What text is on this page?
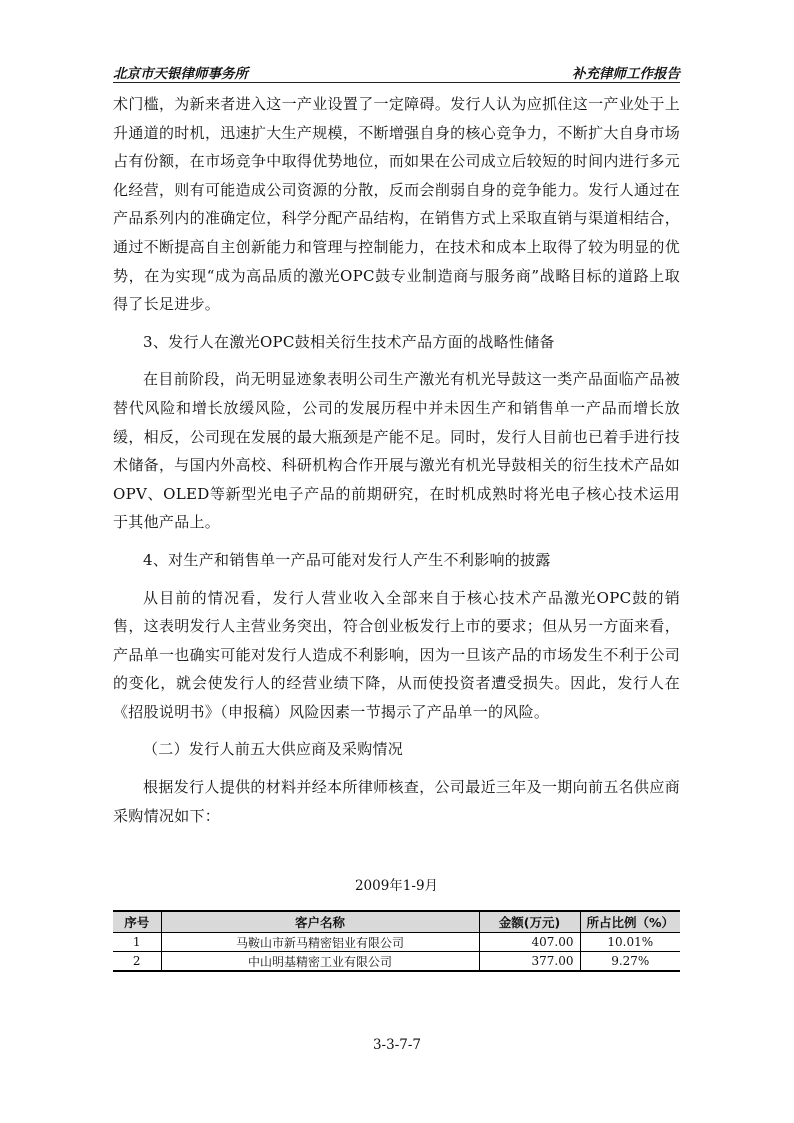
北京市天银律师事务所	补充律师工作报告

术门槛，为新来者进入这一产业设置了一定障碍。发行人认为应抓住这一产业处于上升通道的时机，迅速扩大生产规模，不断增强自身的核心竞争力，不断扩大自身市场占有份额，在市场竞争中取得优势地位，而如果在公司成立后较短的时间内进行多元化经营，则有可能造成公司资源的分散，反而会削弱自身的竞争能力。发行人通过在产品系列内的准确定位，科学分配产品结构，在销售方式上采取直销与渠道相结合，通过不断提高自主创新能力和管理与控制能力，在技术和成本上取得了较为明显的优势，在为实现“成为高品质的激光OPC鼓专业制造商与服务商”战略目标的道路上取得了长足进步。

3、发行人在激光OPC鼓相关衍生技术产品方面的战略性储备

在目前阶段，尚无明显迹象表明公司生产激光有机光导鼓这一类产品面临产品被替代风险和增长放缓风险，公司的发展历程中并未因生产和销售单一产品而增长放缓，相反，公司现在发展的最大瓶颈是产能不足。同时，发行人目前也已着手进行技术储备，与国内外高校、科研机构合作开展与激光有机光导鼓相关的衍生技术产品如OPV、OLED等新型光电子产品的前期研究，在时机成熟时将光电子核心技术运用于其他产品上。

4、对生产和销售单一产品可能对发行人产生不利影响的披露

从目前的情况看，发行人营业收入全部来自于核心技术产品激光OPC鼓的销售，这表明发行人主营业务突出，符合创业板发行上市的要求；但从另一方面来看，产品单一也确实可能对发行人造成不利影响，因为一旦该产品的市场发生不利于公司的变化，就会使发行人的经营业绩下降，从而使投资者遭受损失。因此，发行人在《招股说明书》（申报稿）风险因素一节揭示了产品单一的风险。

（二）发行人前五大供应商及采购情况

根据发行人提供的材料并经本所律师核查，公司最近三年及一期向前五名供应商采购情况如下：

2009年1-9月
序号	客户名称	金额(万元)	所占比例（%）
1	马鞍山市新马精密铝业有限公司	407.00	10.01%
2	中山明基精密工业有限公司	377.00	9.27%
3-3-7-7
